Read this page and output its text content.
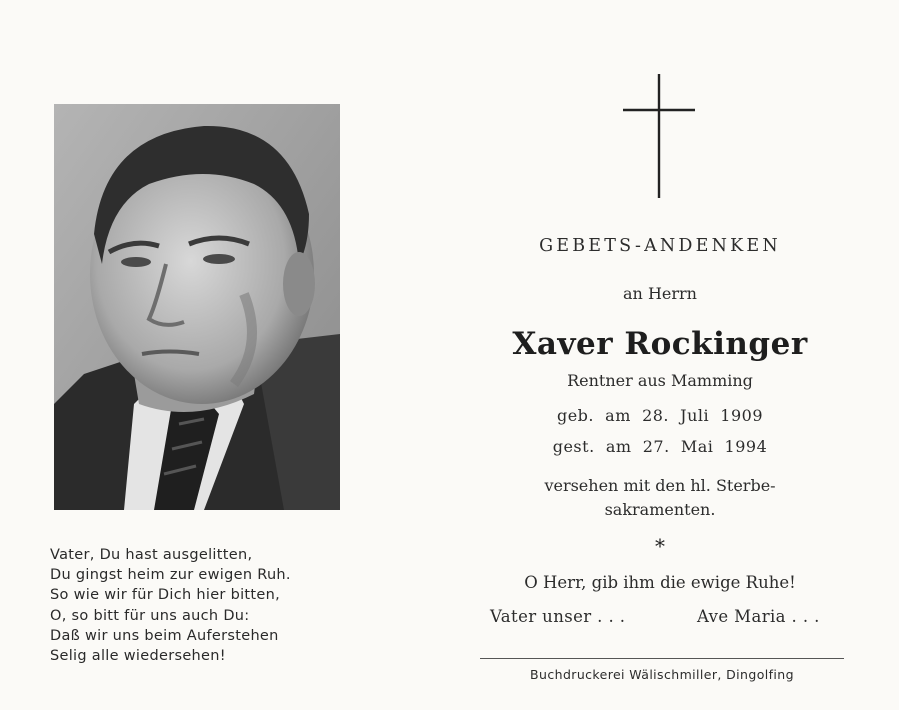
Vater, Du hast ausgelitten,
Du gingst heim zur ewigen Ruh.
So wie wir für Dich hier bitten,
O, so bitt für uns auch Du:
Daß wir uns beim Auferstehen
Selig alle wiedersehen!
GEBETS-ANDENKEN
an Herrn
Xaver Rockinger
Rentner aus Mamming
geb.  am  28.  Juli  1909
gest.  am  27.  Mai  1994
versehen mit den hl. Sterbe-
sakramenten.
*
O Herr, gib ihm die ewige Ruhe!
Vater unser . . .	Ave Maria . . .
Buchdruckerei Wälischmiller, Dingolfing
